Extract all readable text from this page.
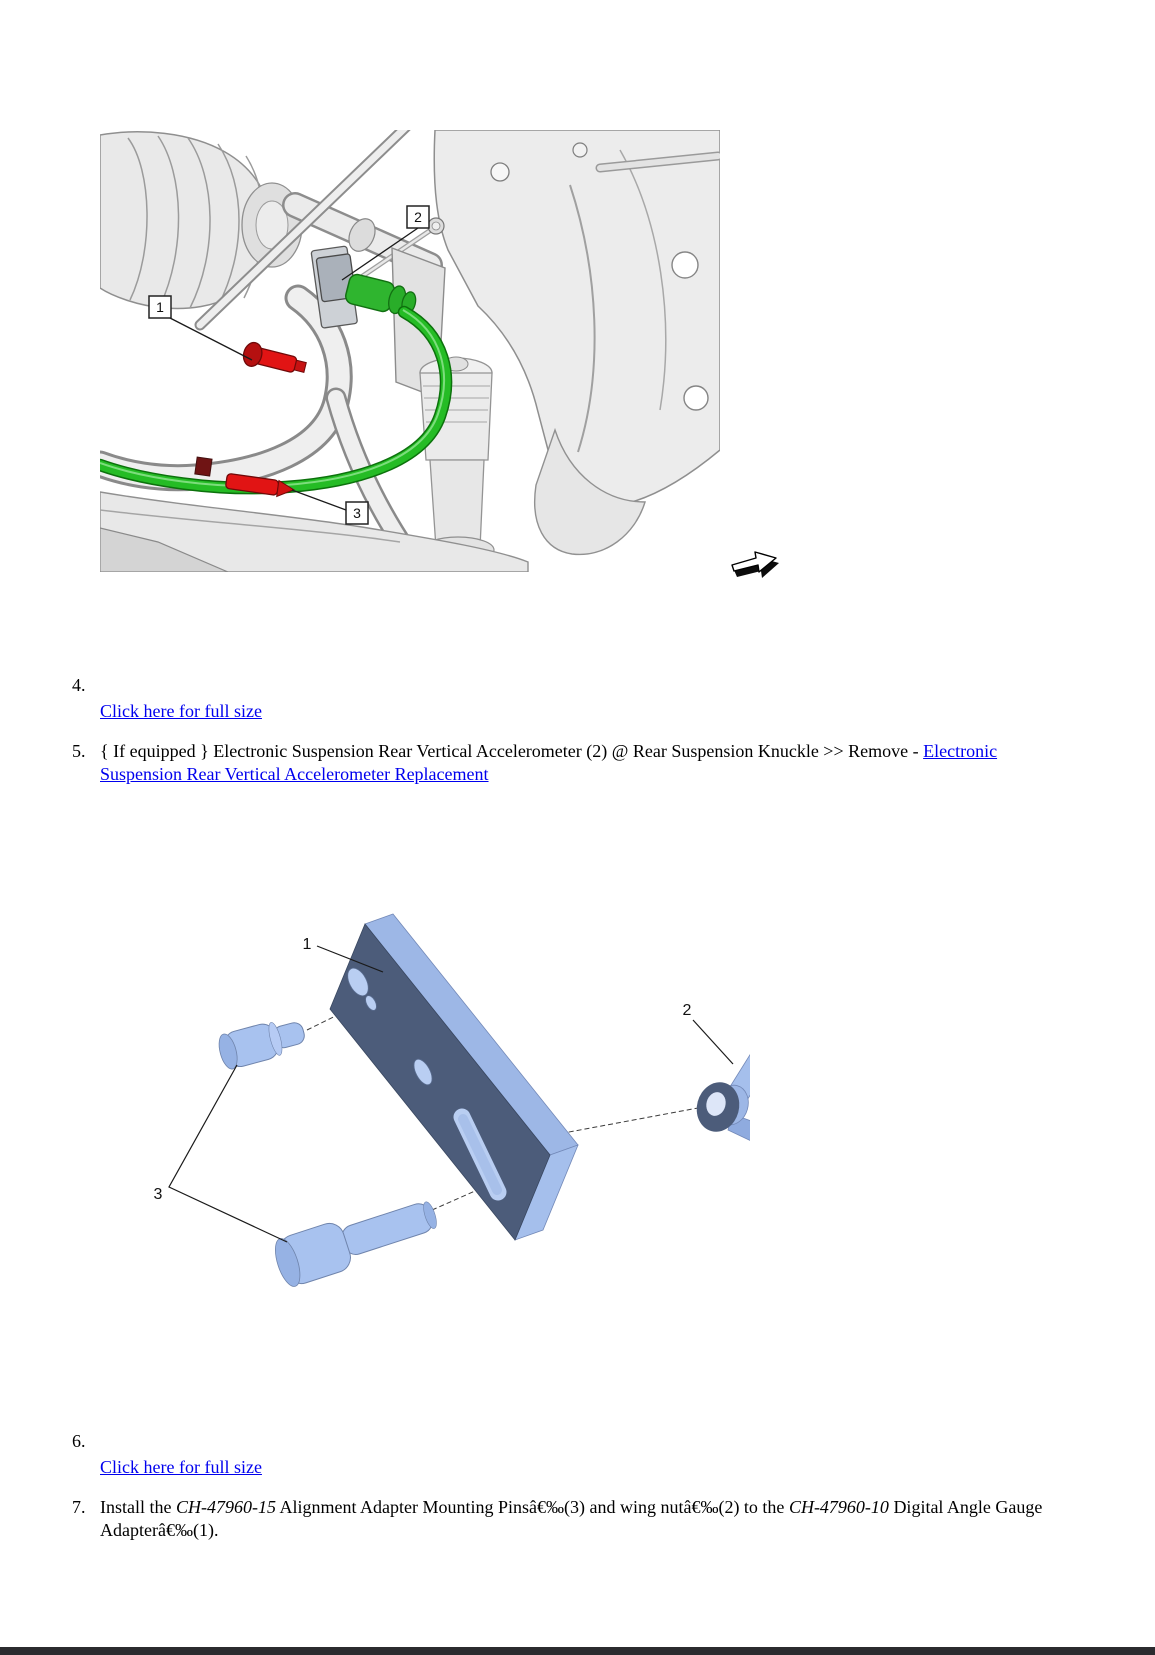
1
2
3
4.
Click here for full size
5. { If equipped } Electronic Suspension Rear Vertical Accelerometer (2) @ Rear Suspension Knuckle >> Remove - Electronic Suspension Rear Vertical Accelerometer Replacement
1
2
3
6.
Click here for full size
7. Install the CH-47960-15 Alignment Adapter Mounting Pinsâ€‰(3) and wing nutâ€‰(2) to the CH-47960-10 Digital Angle Gauge Adapterâ€‰(1).
